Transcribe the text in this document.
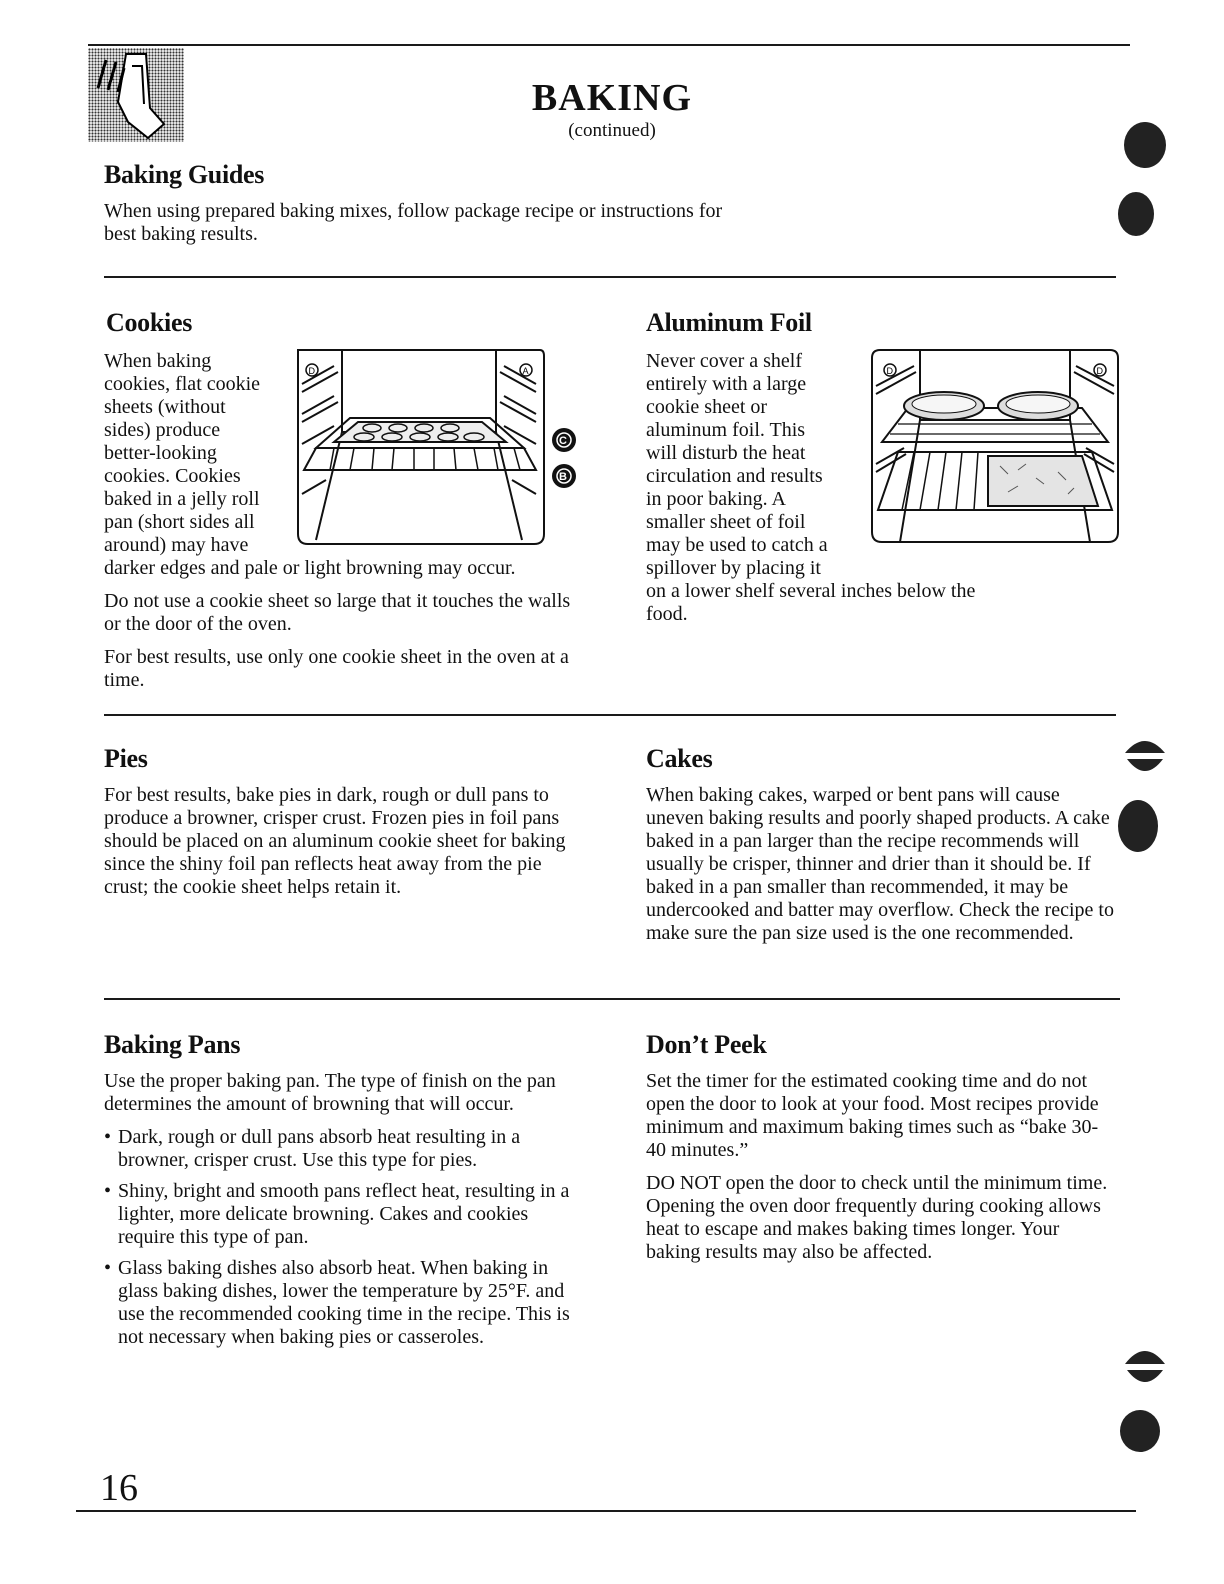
BAKING
(continued)
Baking Guides
When using prepared baking mixes, follow package recipe or instructions for best baking results.
Cookies
When baking
cookies, flat cookie
sheets (without
sides) produce
better-looking
cookies. Cookies
baked in a jelly roll
pan (short sides all
around) may have

darker edges and pale or light browning may occur.

Do not use a cookie sheet so large that it touches the walls or the door of the oven.

For best results, use only one cookie sheet in the oven at a time.

D	A
C
B
Aluminum Foil
Never cover a shelf
entirely with a large
cookie sheet or
aluminum foil. This
will disturb the heat
circulation and results
in poor baking. A
smaller sheet of foil
may be used to catch a
spillover by placing it
on a lower shelf several inches below the food.
D	D
Pies
For best results, bake pies in dark, rough or dull pans to produce a browner, crisper crust. Frozen pies in foil pans should be placed on an aluminum cookie sheet for baking since the shiny foil pan reflects heat away from the pie crust; the cookie sheet helps retain it.
Cakes
When baking cakes, warped or bent pans will cause uneven baking results and poorly shaped products. A cake baked in a pan larger than the recipe recommends will usually be crisper, thinner and drier than it should be. If baked in a pan smaller than recommended, it may be undercooked and batter may overflow. Check the recipe to make sure the pan size used is the one recommended.
Baking Pans
Use the proper baking pan. The type of finish on the pan determines the amount of browning that will occur.
• Dark, rough or dull pans absorb heat resulting in a browner, crisper crust. Use this type for pies.
• Shiny, bright and smooth pans reflect heat, resulting in a lighter, more delicate browning. Cakes and cookies require this type of pan.
• Glass baking dishes also absorb heat. When baking in glass baking dishes, lower the temperature by 25°F. and use the recommended cooking time in the recipe. This is not necessary when baking pies or casseroles.
Don’t Peek

Set the timer for the estimated cooking time and do not open the door to look at your food. Most recipes provide minimum and maximum baking times such as “bake 30-40 minutes.”

DO NOT open the door to check until the minimum time. Opening the oven door frequently during cooking allows heat to escape and makes baking times longer. Your baking results may also be affected.

16
